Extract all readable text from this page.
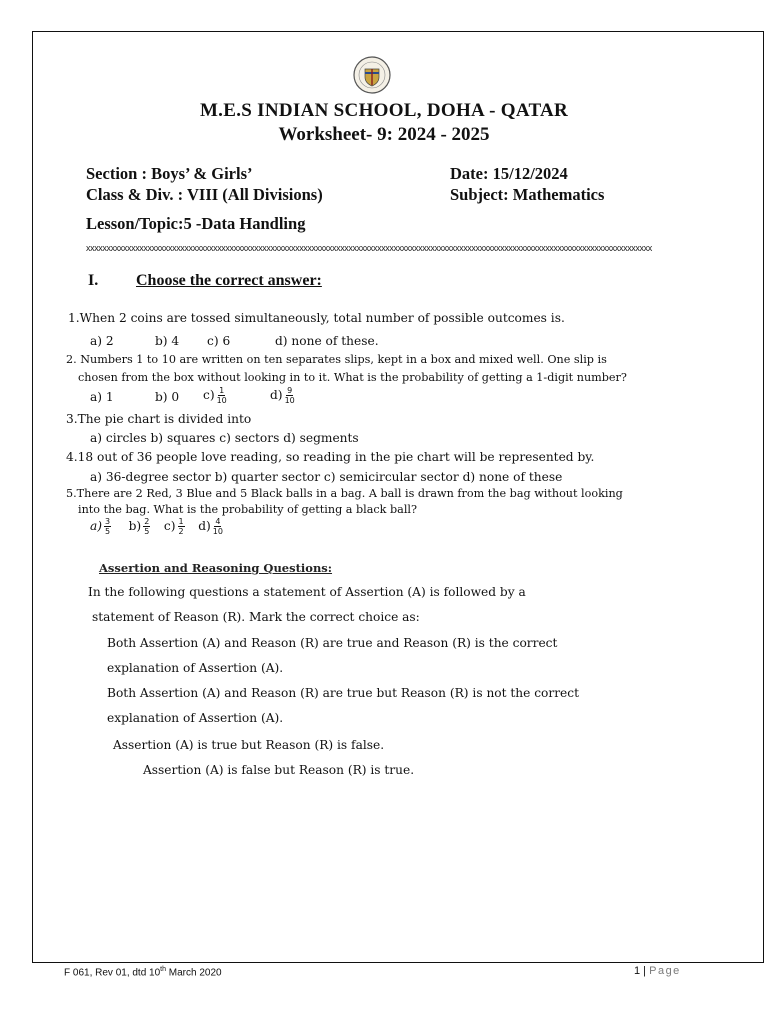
M.E.S INDIAN SCHOOL, DOHA - QATAR
Worksheet- 9: 2024 - 2025
Section : Boys’ & Girls’
Class & Div. : VIII (All Divisions)
Date: 15/12/2024
Subject: Mathematics
Lesson/Topic:5 -Data Handling
xxxxxxxxxxxxxxxxxxxxxxxxxxxxxxxxxxxxxxxxxxxxxxxxxxxxxxxxxxxxxxxxxxxxxxxxxxxxxxxxxxxxxxxxxxxxxxxxxxxxxxxxxxxxxxxxxxxxxxxxxxxxxxxxxxxxxxxxxx
I. Choose the correct answer:
1.When 2 coins are tossed simultaneously, total number of possible outcomes is.
a) 2	b) 4 c) 6	d) none of these.
2. Numbers 1 to 10 are written on ten separates slips, kept in a box and mixed well. One slip is
chosen from the box without looking in to it. What is the probability of getting a 1-digit number?
a) 1	b) 0 $c) \frac{1}{10}$	$d) \frac{9}{10}$
3.The pie chart is divided into
a) circles b) squares c) sectors d) segments
4.18 out of 36 people love reading, so reading in the pie chart will be represented by.
a) 36-degree sector b) quarter sector c) semicircular sector d) none of these
5.There are 2 Red, 3 Blue and 5 Black balls in a bag. A ball is drawn from the bag without looking
into the bag. What is the probability of getting a black ball?
$a) \frac{3}{5} b) \frac{2}{5} c) \frac{1}{2} d) \frac{4}{10}$
Assertion and Reasoning Questions:
In the following questions a statement of Assertion (A) is followed by a
statement of Reason (R). Mark the correct choice as:
Both Assertion (A) and Reason (R) are true and Reason (R) is the correct
explanation of Assertion (A).
Both Assertion (A) and Reason (R) are true but Reason (R) is not the correct
explanation of Assertion (A).
Assertion (A) is true but Reason (R) is false.
Assertion (A) is false but Reason (R) is true.
F 061, Rev 01, dtd 10th March 2020	1 | Page
